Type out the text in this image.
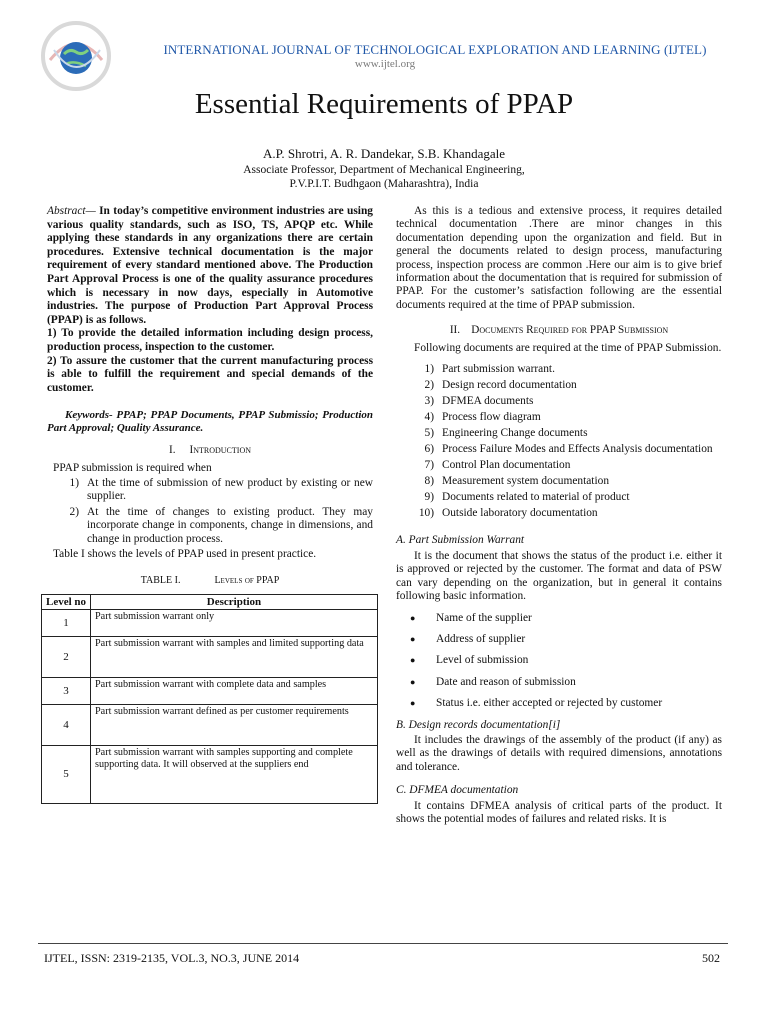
INTERNATIONAL JOURNAL OF TECHNOLOGICAL EXPLORATION AND LEARNING (IJTEL)
www.ijtel.org
Essential Requirements of PPAP
A.P. Shrotri, A. R. Dandekar, S.B. Khandagale
Associate Professor, Department of Mechanical Engineering,
P.V.P.I.T. Budhgaon (Maharashtra), India

Abstract— In today’s competitive environment industries are using various quality standards, such as ISO, TS, APQP etc. While applying these standards in any organizations there are certain procedures. Extensive technical documentation is the major requirement of every standard mentioned above. The Production Part Approval Process is one of the quality assurance procedures which is necessary in now days, especially in Automotive industries. The purpose of Production Part Approval Process (PPAP) is as follows.

1) To provide the detailed information including design process, production process, inspection to the customer.

2) To assure the customer that the current manufacturing process is able to fulfill the requirement and special demands of the customer.

Keywords- PPAP; PPAP Documents, PPAP Submissio; Production Part Approval; Quality Assurance.

I. Introduction

PPAP submission is required when

1) At the time of submission of new product by existing or new supplier.
2) At the time of changes to existing product. They may incorporate change in components, change in dimensions, and change in production process.

Table I shows the levels of PPAP used in present practice.

TABLE I.	Levels of PPAP
Level no	Description
1	Part submission warrant only
2	Part submission warrant with samples and limited supporting data
3	Part submission warrant with complete data and samples
4	Part submission warrant defined as per customer requirements
5	Part submission warrant with samples supporting and complete supporting data. It will observed at the suppliers end

As this is a tedious and extensive process, it requires detailed technical documentation .There are minor changes in this documentation depending upon the organization and field. But in general the documents related to design process, manufacturing process, inspection process are common .Here our aim is to give brief information about the documentation that is required for submission of PPAP. For the customer’s satisfaction following are the essential documents required at the time of PPAP submission.

II. Documents Required for PPAP Submission

Following documents are required at the time of PPAP Submission.

1) Part submission warrant.
2) Design record documentation
3) DFMEA documents
4) Process flow diagram
5) Engineering Change documents
6) Process Failure Modes and Effects Analysis documentation
7) Control Plan documentation
8) Measurement system documentation
9) Documents related to material of product
10) Outside laboratory documentation
A. Part Submission Warrant

It is the document that shows the status of the product i.e. either it is approved or rejected by the customer. The format and data of PSW can vary depending on the organization, but in general it contains following basic information.

●	Name of the supplier
●	Address of supplier
●	Level of submission
●	Date and reason of submission
●	Status i.e. either accepted or rejected by customer
B. Design records documentation[i]

It includes the drawings of the assembly of the product (if any) as well as the drawings of details with required dimensions, annotations and tolerance.

C. DFMEA documentation

It contains DFMEA analysis of critical parts of the product. It shows the potential modes of failures and related risks. It is

IJTEL, ISSN: 2319-2135, VOL.3, NO.3, JUNE 2014	502
